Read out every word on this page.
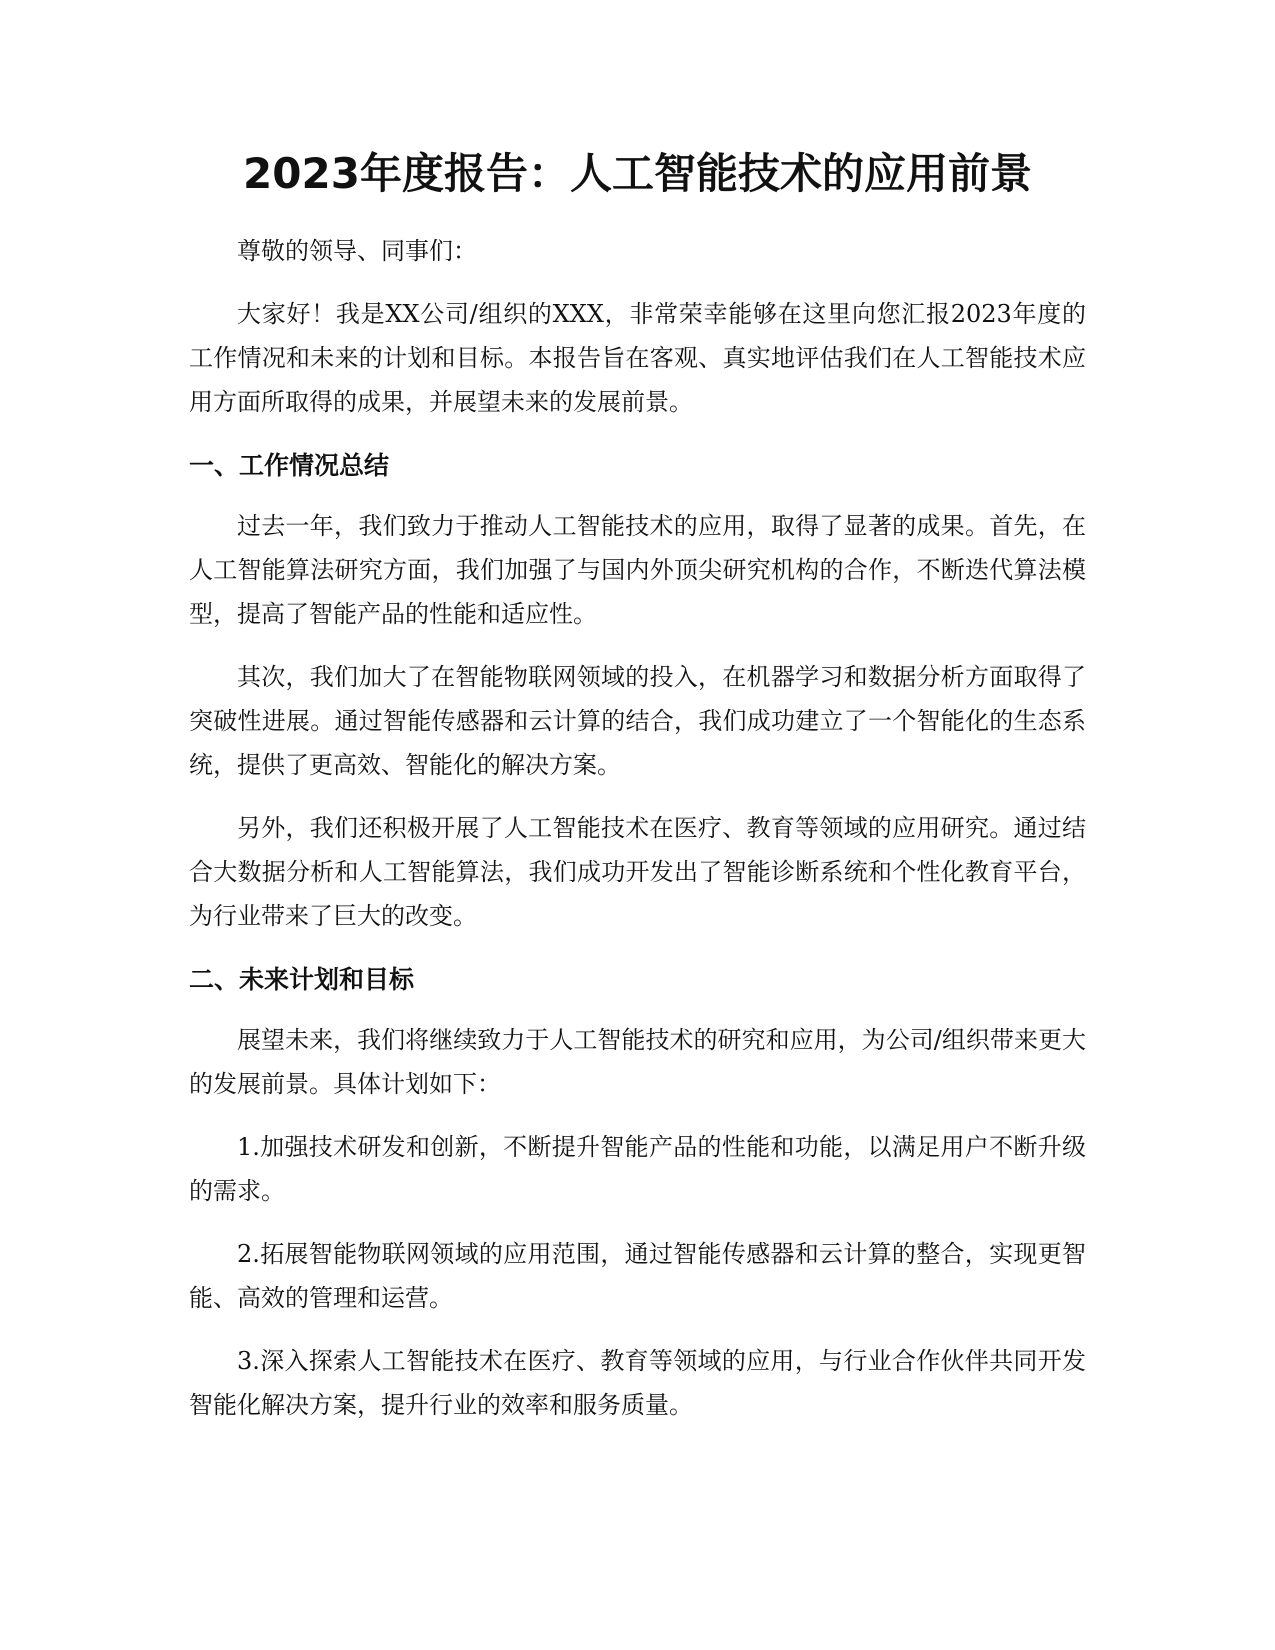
2023年度报告：人工智能技术的应用前景

尊敬的领导、同事们：

大家好！我是XX公司/组织的XXX，非常荣幸能够在这里向您汇报2023年度的工作情况和未来的计划和目标。本报告旨在客观、真实地评估我们在人工智能技术应用方面所取得的成果，并展望未来的发展前景。

一、工作情况总结

过去一年，我们致力于推动人工智能技术的应用，取得了显著的成果。首先，在人工智能算法研究方面，我们加强了与国内外顶尖研究机构的合作，不断迭代算法模型，提高了智能产品的性能和适应性。

其次，我们加大了在智能物联网领域的投入，在机器学习和数据分析方面取得了突破性进展。通过智能传感器和云计算的结合，我们成功建立了一个智能化的生态系统，提供了更高效、智能化的解决方案。

另外，我们还积极开展了人工智能技术在医疗、教育等领域的应用研究。通过结合大数据分析和人工智能算法，我们成功开发出了智能诊断系统和个性化教育平台，为行业带来了巨大的改变。

二、未来计划和目标

展望未来，我们将继续致力于人工智能技术的研究和应用，为公司/组织带来更大的发展前景。具体计划如下：

1.加强技术研发和创新，不断提升智能产品的性能和功能，以满足用户不断升级的需求。

2.拓展智能物联网领域的应用范围，通过智能传感器和云计算的整合，实现更智能、高效的管理和运营。

3.深入探索人工智能技术在医疗、教育等领域的应用，与行业合作伙伴共同开发智能化解决方案，提升行业的效率和服务质量。
